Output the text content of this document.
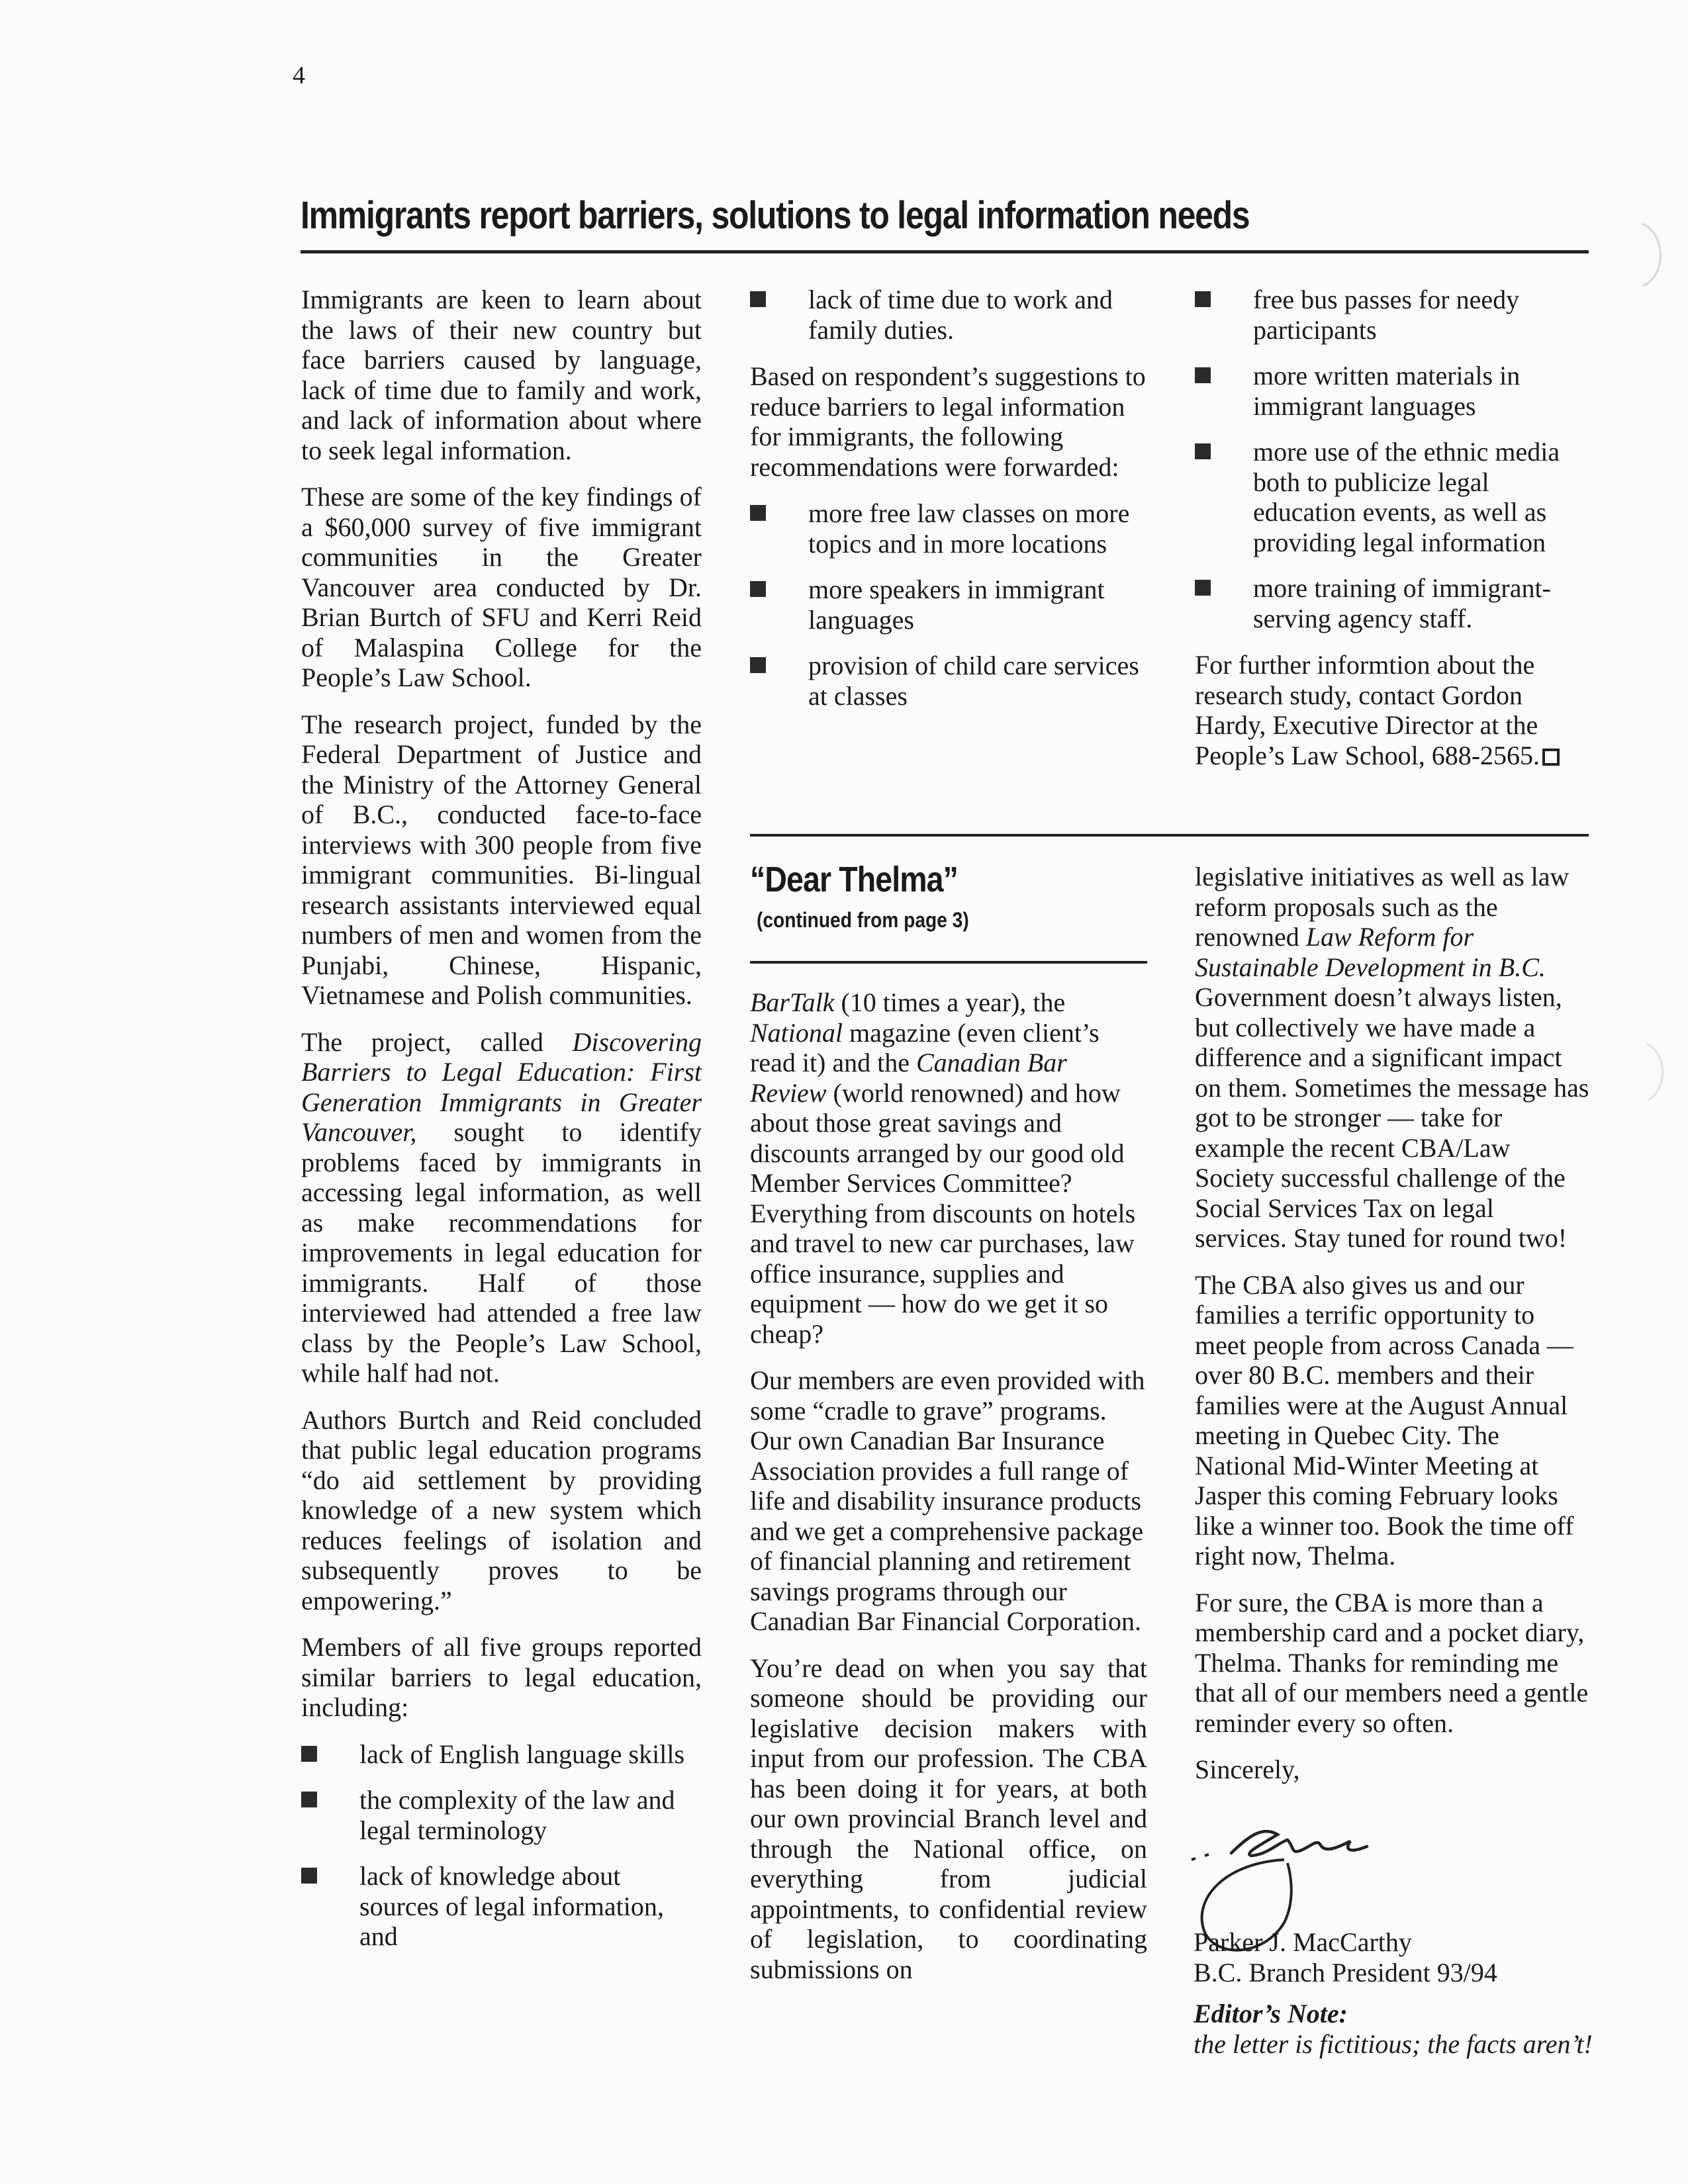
4
Immigrants report barriers, solutions to legal information needs

Immigrants are keen to learn about the laws of their new country but face barriers caused by language, lack of time due to family and work, and lack of information about where to seek legal information.

These are some of the key findings of a $60,000 survey of five immigrant communities in the Greater Vancouver area conducted by Dr. Brian Burtch of SFU and Kerri Reid of Malaspina College for the People’s Law School.

The research project, funded by the Federal Department of Justice and the Ministry of the Attorney General of B.C., conducted face-to-face interviews with 300 people from five immigrant communities. Bi-lingual research assistants interviewed equal numbers of men and women from the Punjabi, Chinese, Hispanic, Vietnamese and Polish communities.

The project, called Discovering Barriers to Legal Education: First Generation Immigrants in Greater Vancouver, sought to identify problems faced by immigrants in accessing legal information, as well as make recommendations for improvements in legal education for immigrants. Half of those interviewed had attended a free law class by the People’s Law School, while half had not.

Authors Burtch and Reid concluded that public legal education programs “do aid settlement by providing knowledge of a new system which reduces feelings of isolation and subsequently proves to be empowering.”

Members of all five groups reported similar barriers to legal education, including:

lack of English language skills
the complexity of the law and legal terminology
lack of knowledge about sources of legal information, and
lack of time due to work and family duties.

Based on respondent’s suggestions to reduce barriers to legal information for immigrants, the following recommendations were forwarded:

more free law classes on more topics and in more locations
more speakers in immigrant languages
provision of child care services at classes
free bus passes for needy participants
more written materials in immigrant languages
more use of the ethnic media both to publicize legal education events, as well as providing legal information
more training of immigrant-serving agency staff.

For further informtion about the research study, contact Gordon Hardy, Executive Director at the People’s Law School, 688-2565.

“Dear Thelma”
(continued from page 3)

BarTalk (10 times a year), the National magazine (even client’s read it) and the Canadian Bar Review (world renowned) and how about those great savings and discounts arranged by our good old Member Services Committee? Everything from discounts on hotels and travel to new car purchases, law office insurance, supplies and equipment — how do we get it so cheap?

Our members are even provided with some “cradle to grave” programs. Our own Canadian Bar Insurance Association provides a full range of life and disability insurance products and we get a comprehensive package of financial planning and retirement savings programs through our Canadian Bar Financial Corporation.

You’re dead on when you say that someone should be providing our legislative decision makers with input from our profession. The CBA has been doing it for years, at both our own provincial Branch level and through the National office, on everything from judicial appointments, to confidential review of legislation, to coordinating submissions on

legislative initiatives as well as law reform proposals such as the renowned Law Reform for Sustainable Development in B.C. Government doesn’t always listen, but collectively we have made a difference and a significant impact on them. Sometimes the message has got to be stronger — take for example the recent CBA/Law Society successful challenge of the Social Services Tax on legal services. Stay tuned for round two!

The CBA also gives us and our families a terrific opportunity to meet people from across Canada — over 80 B.C. members and their families were at the August Annual meeting in Quebec City. The National Mid-Winter Meeting at Jasper this coming February looks like a winner too. Book the time off right now, Thelma.

For sure, the CBA is more than a membership card and a pocket diary, Thelma. Thanks for reminding me that all of our members need a gentle reminder every so often.

Sincerely,

Parker J. MacCarthy
B.C. Branch President 93/94
Editor’s Note:
the letter is fictitious; the facts aren’t!
